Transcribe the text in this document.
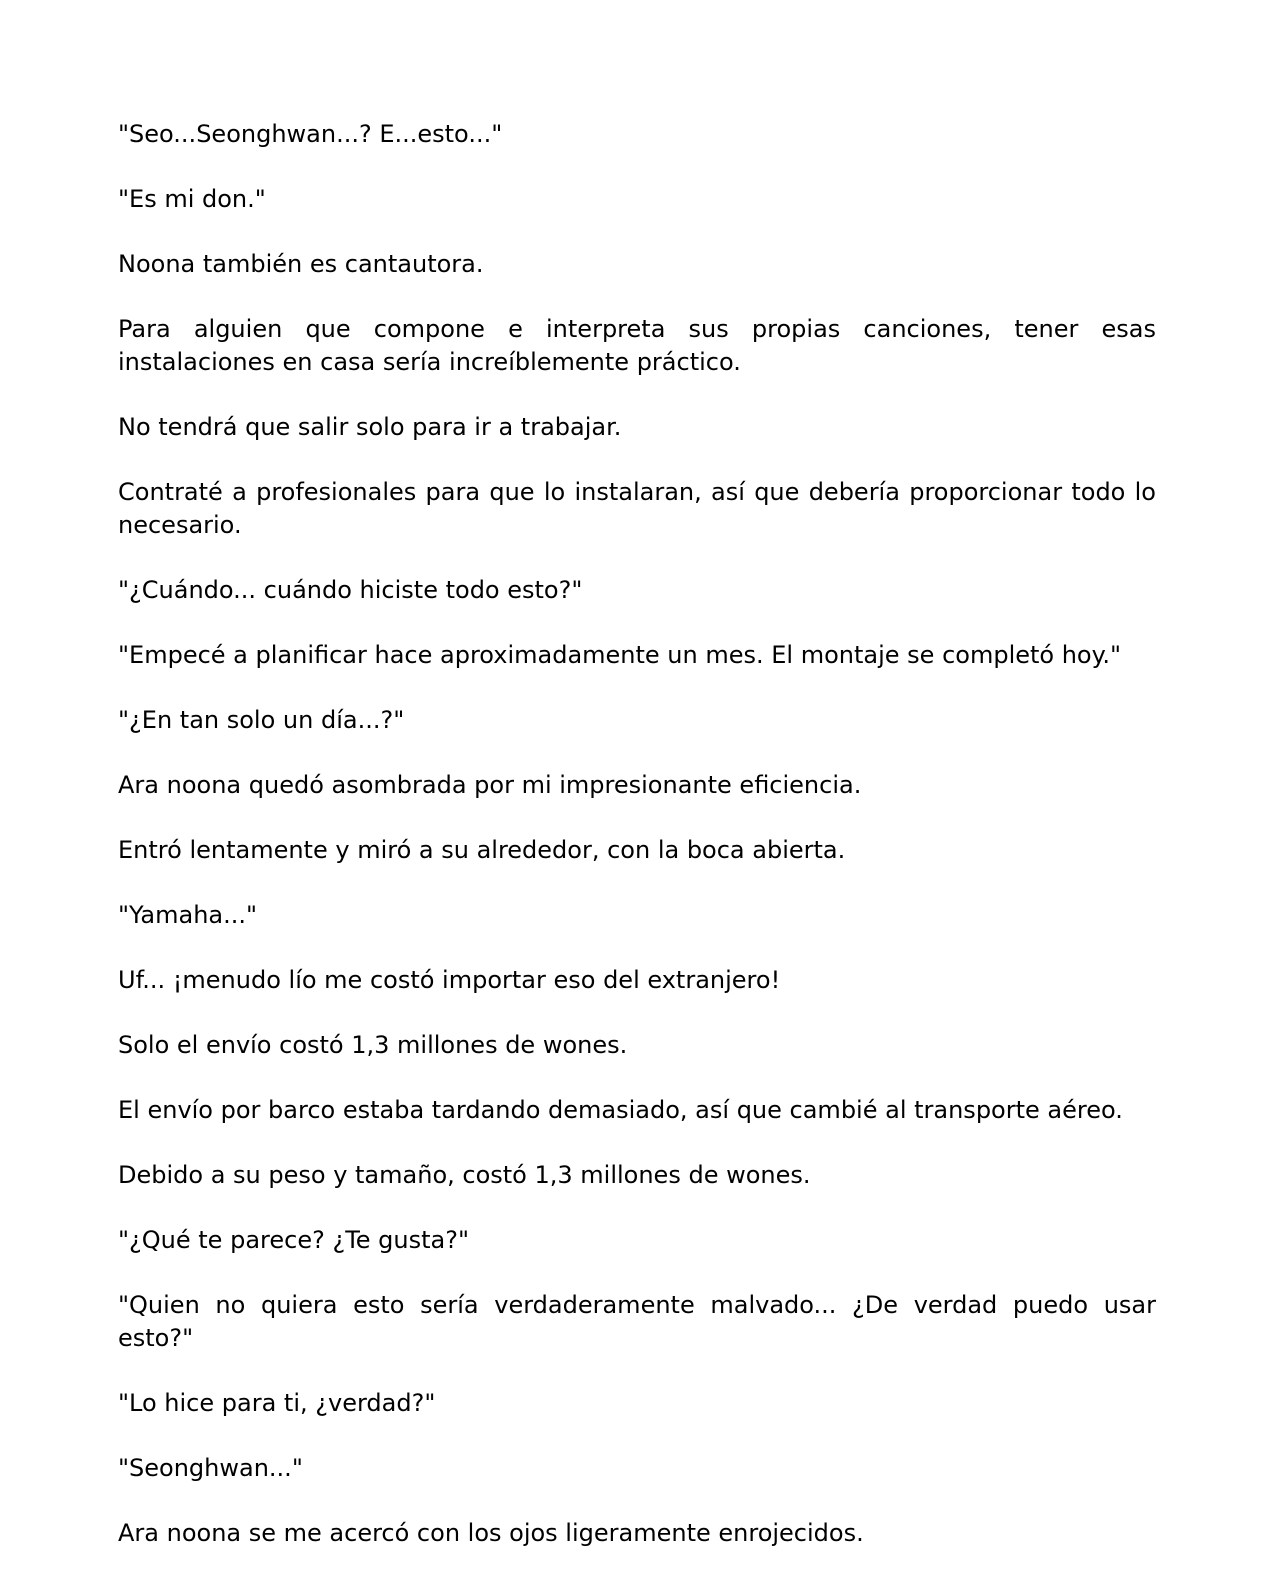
"Seo...Seonghwan...? E...esto..."

"Es mi don."

Noona también es cantautora.

Para alguien que compone e interpreta sus propias canciones, tener esas instalaciones en casa sería increíblemente práctico.

No tendrá que salir solo para ir a trabajar.

Contraté a profesionales para que lo instalaran, así que debería proporcionar todo lo necesario.

"¿Cuándo... cuándo hiciste todo esto?"

"Empecé a planificar hace aproximadamente un mes. El montaje se completó hoy."

"¿En tan solo un día...?"

Ara noona quedó asombrada por mi impresionante eficiencia.

Entró lentamente y miró a su alrededor, con la boca abierta.

"Yamaha..."

Uf... ¡menudo lío me costó importar eso del extranjero!

Solo el envío costó 1,3 millones de wones.

El envío por barco estaba tardando demasiado, así que cambié al transporte aéreo.

Debido a su peso y tamaño, costó 1,3 millones de wones.

"¿Qué te parece? ¿Te gusta?"

"Quien no quiera esto sería verdaderamente malvado... ¿De verdad puedo usar esto?"

"Lo hice para ti, ¿verdad?"

"Seonghwan..."

Ara noona se me acercó con los ojos ligeramente enrojecidos.
